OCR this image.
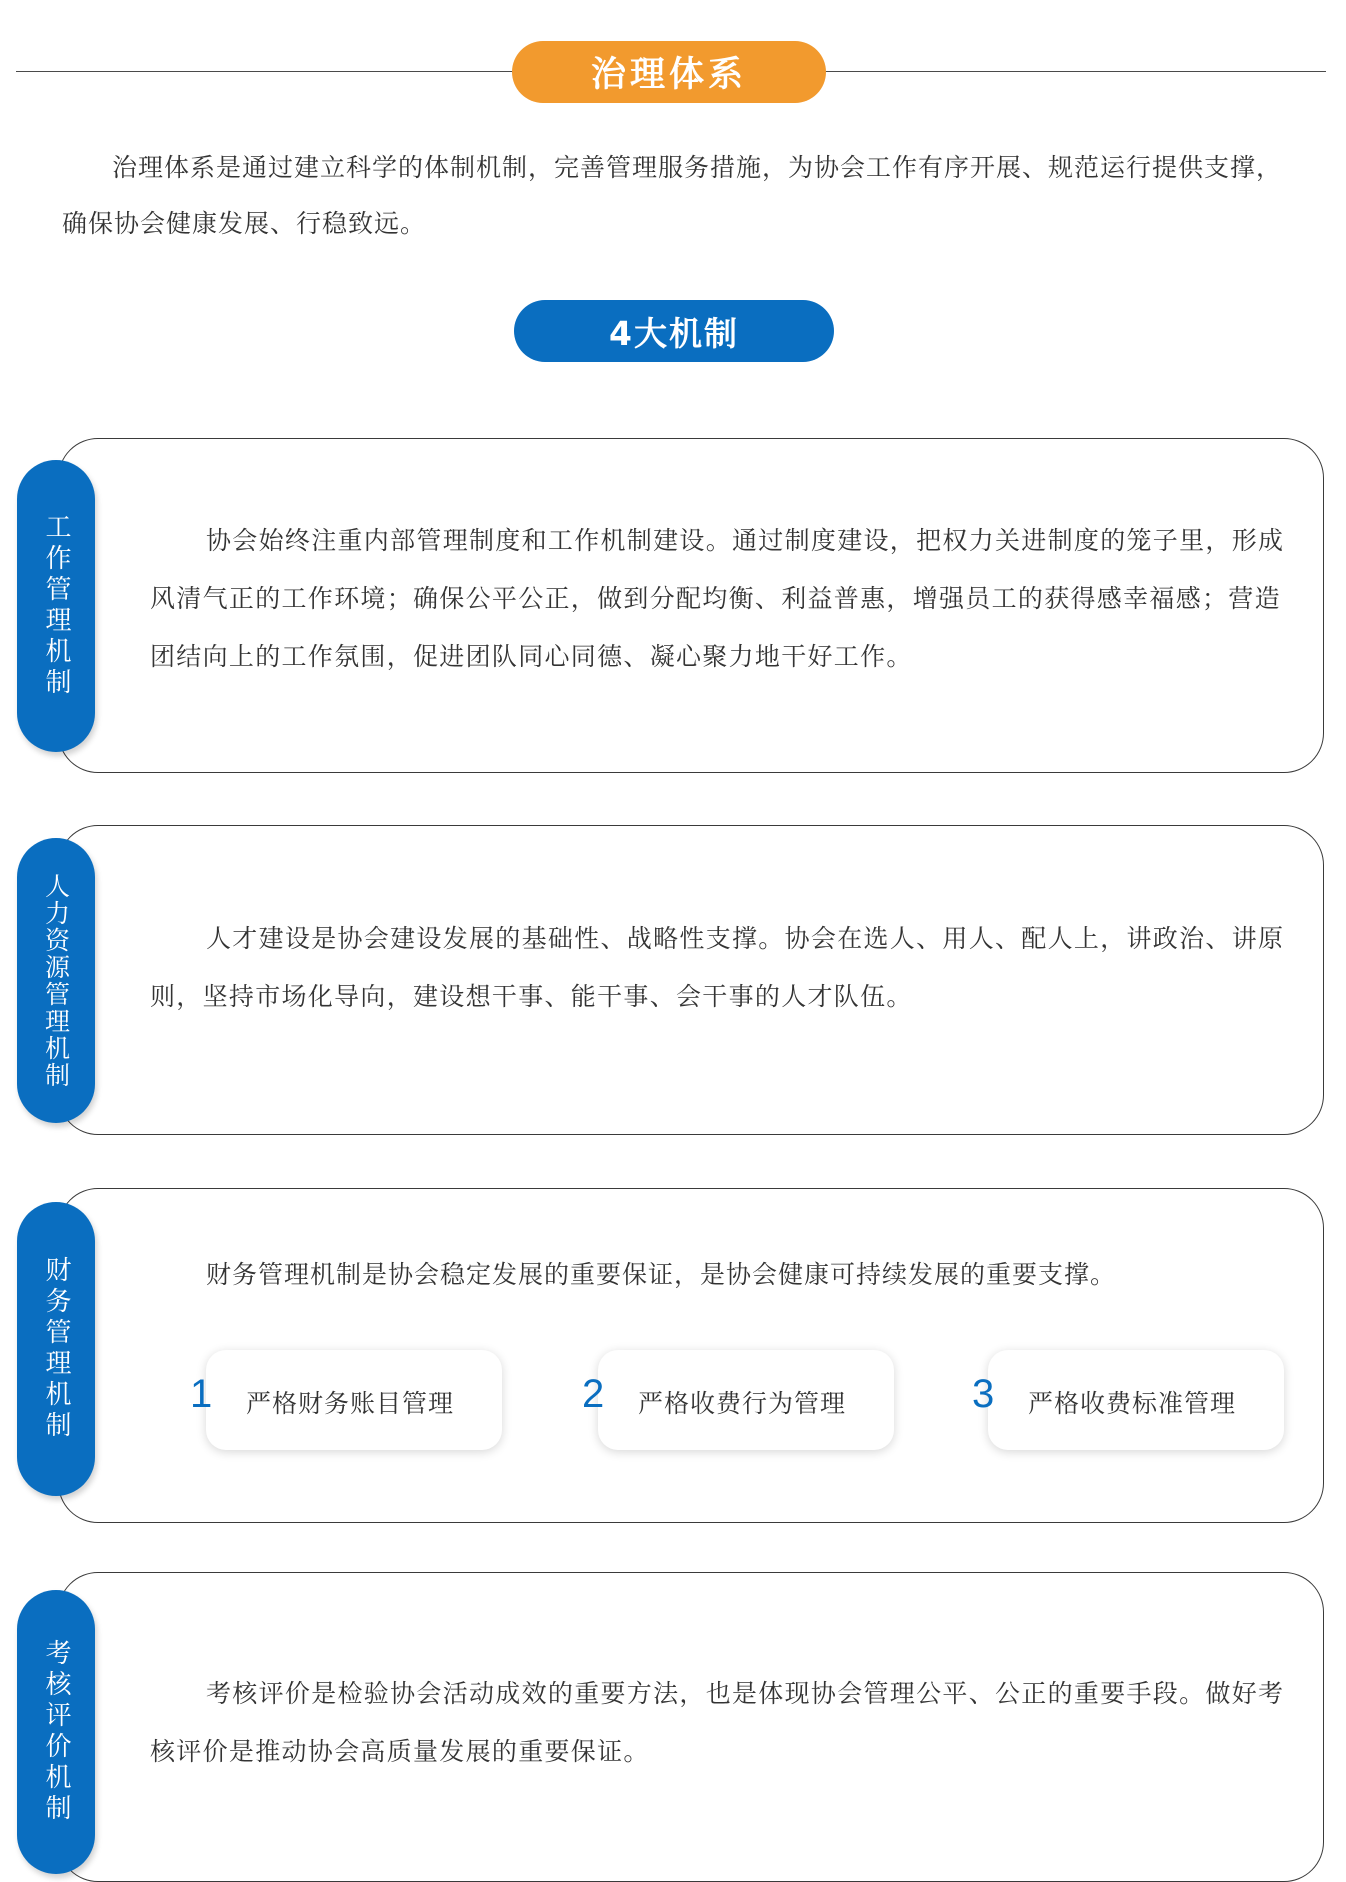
治理体系

治理体系是通过建立科学的体制机制，完善管理服务措施，为协会工作有序开展、规范运行提供支撑，确保协会健康发展、行稳致远。

4大机制
工作管理机制	协会始终注重内部管理制度和工作机制建设。通过制度建设，把权力关进制度的笼子里，形成风清气正的工作环境；确保公平公正，做到分配均衡、利益普惠，增强员工的获得感幸福感；营造团结向上的工作氛围，促进团队同心同德、凝心聚力地干好工作。

人力资源管理机制	人才建设是协会建设发展的基础性、战略性支撑。协会在选人、用人、配人上，讲政治、讲原则，坚持市场化导向，建设想干事、能干事、会干事的人才队伍。

财务管理机制	财务管理机制是协会稳定发展的重要保证，是协会健康可持续发展的重要支撑。

严格财务账目管理
1	严格收费行为管理
2	严格收费标准管理
3
考核评价机制	考核评价是检验协会活动成效的重要方法，也是体现协会管理公平、公正的重要手段。做好考核评价是推动协会高质量发展的重要保证。
